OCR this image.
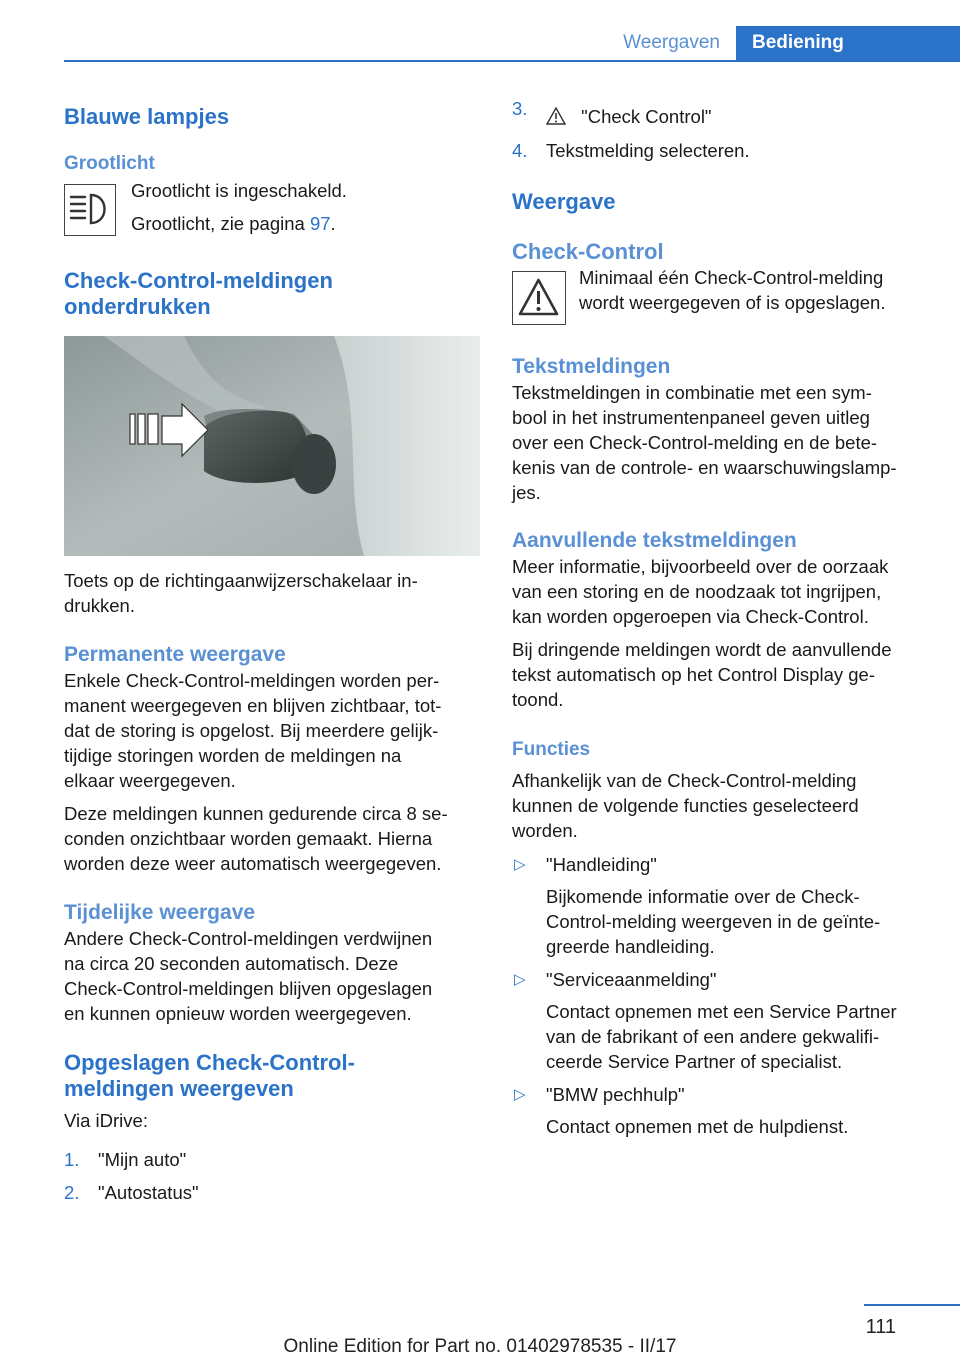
Weergaven	Bediening
Blauwe lampjes
Grootlicht

Grootlicht is ingeschakeld.

Grootlicht, zie pagina 97.

Check-Control-meldingen
onderdrukken

Toets op de richtingaanwijzerschakelaar in-
drukken.

Permanente weergave

Enkele Check-Control-meldingen worden per-
manent weergegeven en blijven zichtbaar, tot-
dat de storing is opgelost. Bij meerdere gelijk-
tijdige storingen worden de meldingen na
elkaar weergegeven.

Deze meldingen kunnen gedurende circa 8 se-
conden onzichtbaar worden gemaakt. Hierna
worden deze weer automatisch weergegeven.

Tijdelijke weergave

Andere Check-Control-meldingen verdwijnen
na circa 20 seconden automatisch. Deze
Check-Control-meldingen blijven opgeslagen
en kunnen opnieuw worden weergegeven.

Opgeslagen Check-Control-
meldingen weergeven

Via iDrive:

1. "Mijn auto"
2. "Autostatus"
3.	"Check Control"
4. Tekstmelding selecteren.
Weergave
Check-Control

Minimaal één Check-Control-melding
wordt weergegeven of is opgeslagen.

Tekstmeldingen

Tekstmeldingen in combinatie met een sym-
bool in het instrumentenpaneel geven uitleg
over een Check-Control-melding en de bete-
kenis van de controle- en waarschuwingslamp-
jes.

Aanvullende tekstmeldingen

Meer informatie, bijvoorbeeld over de oorzaak
van een storing en de noodzaak tot ingrijpen,
kan worden opgeroepen via Check-Control.

Bij dringende meldingen wordt de aanvullende
tekst automatisch op het Control Display ge-
toond.

Functies

Afhankelijk van de Check-Control-melding
kunnen de volgende functies geselecteerd
worden.

▷ "Handleiding"
Bijkomende informatie over de Check-
Control-melding weergeven in de geïnte-
greerde handleiding.
▷ "Serviceaanmelding"
Contact opnemen met een Service Partner
van de fabrikant of een andere gekwalifi-
ceerde Service Partner of specialist.
▷ "BMW pechhulp"
Contact opnemen met de hulpdienst.
111
Online Edition for Part no. 01402978535 - II/17
